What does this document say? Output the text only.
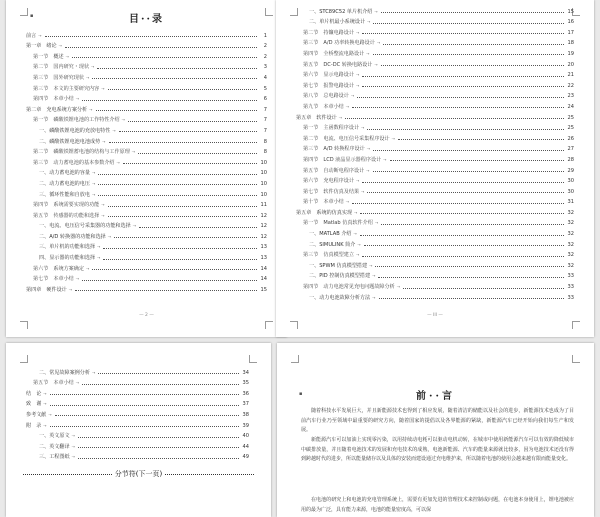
▪	目··录
前言 →	1
第一章　绪论 →	2
第一节　概述 →	2
第二节　国内研究・现状 →	3
第三节　国外研究现状 →	4
第三节　本文的主要研究内容 →	5
第四节　本章小结 →	6
第二章　充电系统方案分析 →	7
第一节　磷酸铁锂电池的工作特性介绍 →	7
一、磷酸铁锂电池的充放电特性 →	7
二、磷酸铁锂电池电池成势 →	8
第二节　磷酸铁锂蓄电池的结构与工作原理 →	8
第三节　动力蓄电池的基本参数介绍 →	10
一、动力蓄电池的容量 →	10
二、动力蓄电池的电压 →	10
三、循环性能和自放电 →	10
第四节　系统需要实现的功能 →	11
第五节　传感器的功能和选择 →	12
一、电流、电压信号采集器的功能和选择 →	12
二、A/D 转换器的功能和选择 →	12
三、单片机的功能和选择 →	13
四、显示器的功能和选择 →	13
第六节　系统方案确定 →	14
第七节　本章小结 →	14
第四章　硬件设计 →	15
— 2 —
一、STC89C52 单片机介绍 →	15
二、单片机最小系统设计 →	16
第二节　持镰电路设计 →	17
第三节　A/D 功率转换电路设计 →	18
第四节　全桥整流电路设计 →	19
第五节　DC-DC 转换电路设计 →	20
第六节　显示电路设计 →	21
第七节　报警电路设计 →	22
第八节　总电路设计 →	23
第九节　本章小结 →	24
第五章　软件设计 →	25
第一节　主函数程序设计 →	25
第二节　电流、电压信号采集程序设计 →	26
第三节　A/D 转换程序设计 →	27
第四节　LCD 液晶显示器程序设计 →	28
第五节　自动断电程序设计 →	29
第六节　充电程序设计 →	30
第七节　软件仿真及结果 →	30
第十节　本章小结 →	31
第五章　系统的仿真实现 →	32
第一节　Matlab 仿真软件介绍 →	32
一、MATLAB 介绍 →	32
二、SIMULINK 简介 →	32
第三节　仿真模型建立 →	32
一、SPWM 仿真模型搭建 →	32
二、PID 控制仿真模型搭建 →	33
第四节　动力电池常见充电问题故障分析 →	33
一、动力电池故障分析方法 →	33
— III —
二、常见故障案例分析 →	34
第五节　本章小结 →	35
结　论 →	36
致　谢 →	37
参考文献 →	38
附　录 →	39
一、英文原文 →	40
二、英文翻译 →	44
三、工程图纸 →	49
分节符(下一页)
▪	前··言
随着科技水平发展巨大，并且新能源技术也得到了相应发展，随着清洁的储能以及社会的进步，新能源技术也成为了目前汽车行业乃至领域中最重要的研究方向，随着国家的提倡以及各界能源的紧缺，新能源汽车已经开始向我们每生产和发展。
新能源汽车可以加油上实现零污染，以用持续动电耗可以驱动电机动转，在城市中使用新能源汽车可以有效的降低城市中碳排放量，并且随着电池技术的发展和充电技术的成熟，电池新能源、汽车的能量来源就比较多，因为电池技术还没有得到跨越时代的进步，所以能量储存以及具体的安装而建设通过充电维护来，所以随着电池的使用会越来越有限而能量变化。
在电池的研究上和电池的充电管理系统上，需要有更加先进的管理技术来控制或问题，在电池本身使用上，锂电池被应用的最为广泛，具有能力来源，电池的能量密度高，可以保
